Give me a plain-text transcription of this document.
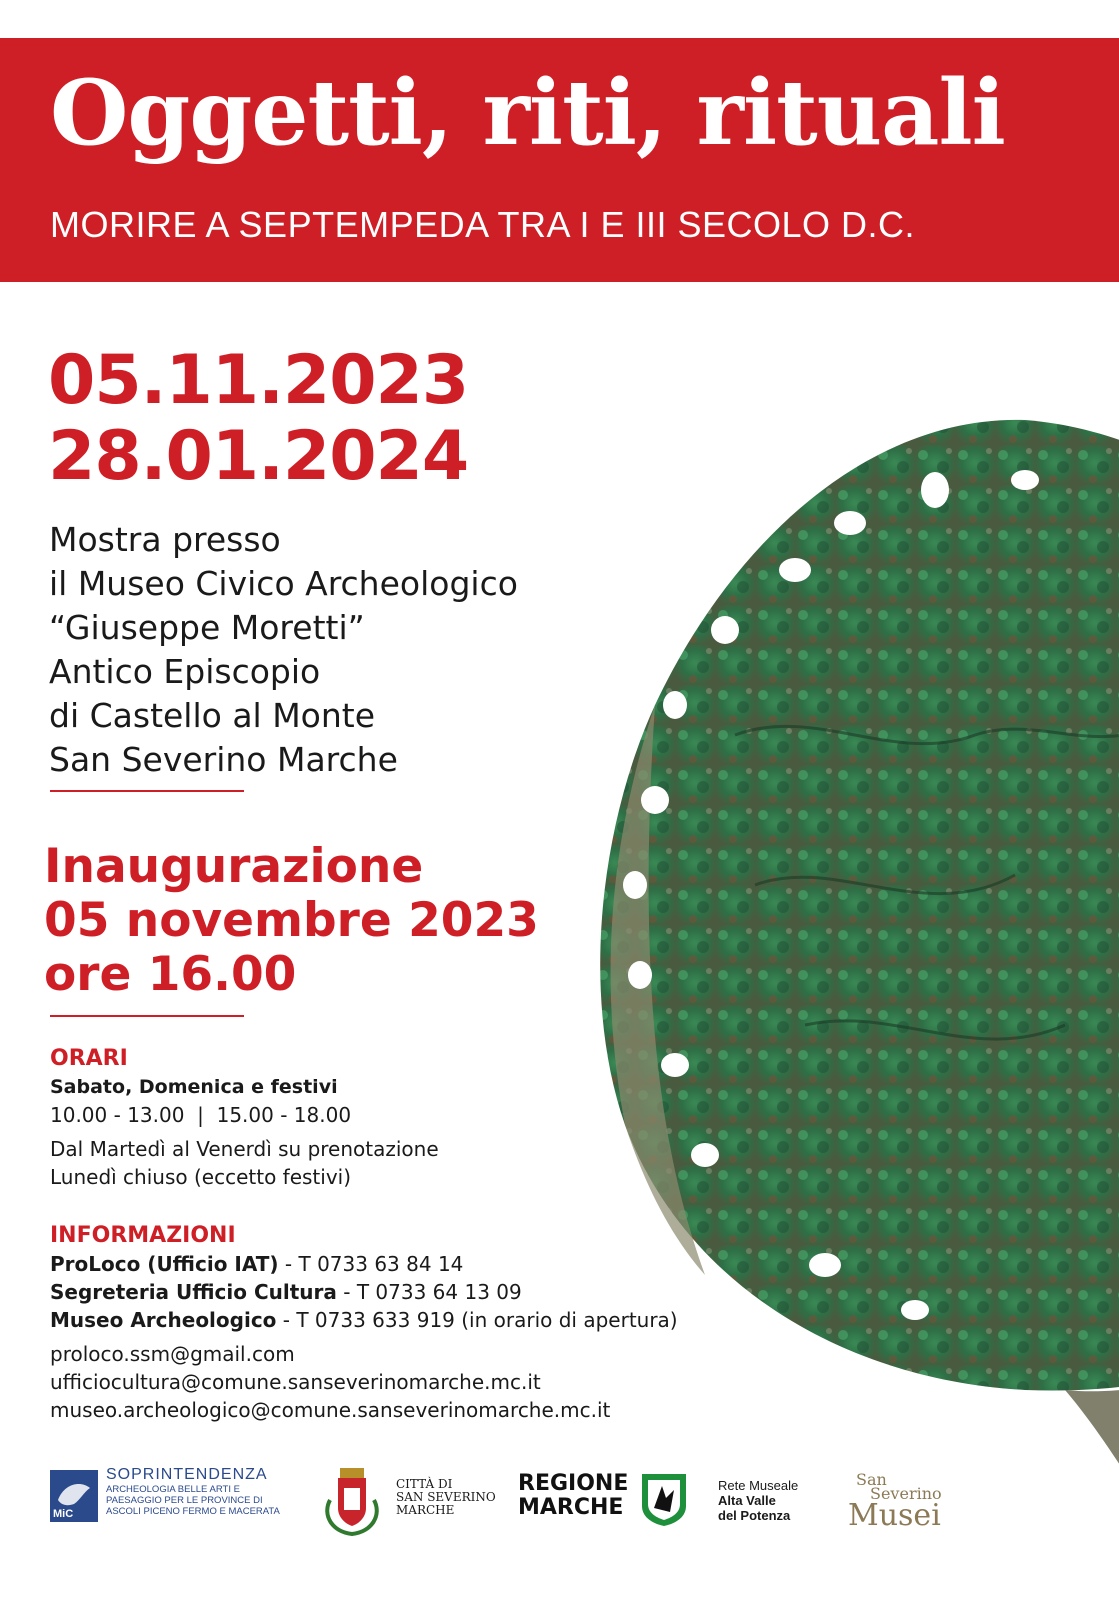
Oggetti, riti, rituali
MORIRE A SEPTEMPEDA TRA I E III SECOLO D.C.
05.11.2023
28.01.2024
Mostra presso
il Museo Civico Archeologico
“Giuseppe Moretti”
Antico Episcopio
di Castello al Monte
San Severino Marche
Inaugurazione
05 novembre 2023
ore 16.00
ORARI
Sabato, Domenica e festivi
10.00 - 13.00  |  15.00 - 18.00
Dal Martedì al Venerdì su prenotazione
Lunedì chiuso (eccetto festivi)
INFORMAZIONI
ProLoco (Ufficio IAT) - T 0733 63 84 14
Segreteria Ufficio Cultura - T 0733 64 13 09
Museo Archeologico - T 0733 633 919 (in orario di apertura)
proloco.ssm@gmail.com
ufficiocultura@comune.sanseverinomarche.mc.it
museo.archeologico@comune.sanseverinomarche.mc.it
MiC
SOPRINTENDENZA
ARCHEOLOGIA BELLE ARTI E
PAESAGGIO PER LE PROVINCE DI
ASCOLI PICENO FERMO E MACERATA
CITTÀ DI
SAN SEVERINO
MARCHE
REGIONE
MARCHE
Rete Museale
Alta Valle
del Potenza
San
Severino
Musei
